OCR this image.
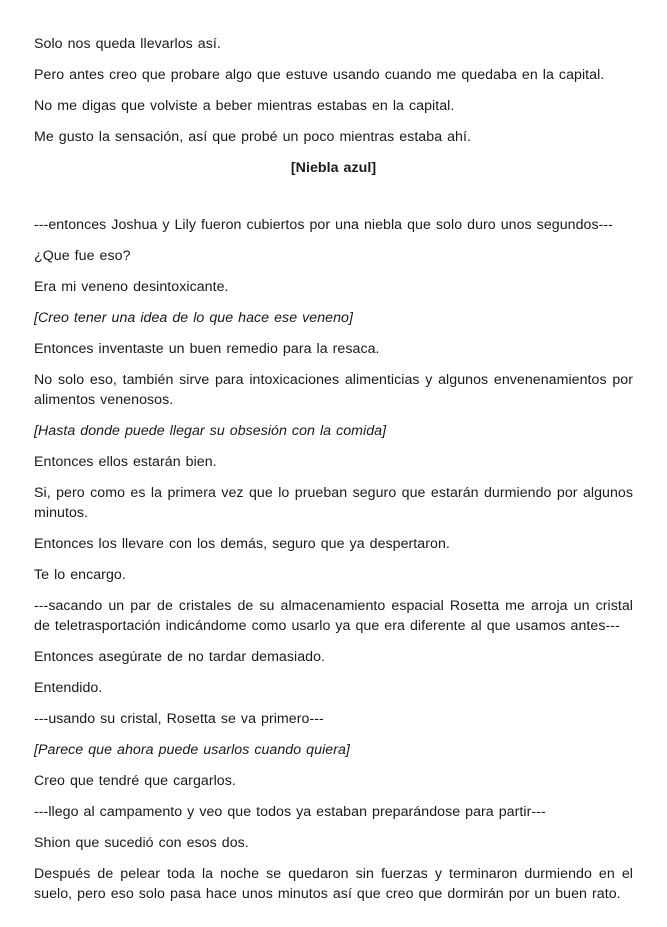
Solo nos queda llevarlos así.

Pero antes creo que probare algo que estuve usando cuando me quedaba en la capital.

No me digas que volviste a beber mientras estabas en la capital.

Me gusto la sensación, así que probé un poco mientras estaba ahí.

[Niebla azul]

---entonces Joshua y Lily fueron cubiertos por una niebla que solo duro unos segundos---

¿Que fue eso?

Era mi veneno desintoxicante.

[Creo tener una idea de lo que hace ese veneno]

Entonces inventaste un buen remedio para la resaca.

No solo eso, también sirve para intoxicaciones alimenticias y algunos envenenamientos por alimentos venenosos.

[Hasta donde puede llegar su obsesión con la comida]

Entonces ellos estarán bien.

Si, pero como es la primera vez que lo prueban seguro que estarán durmiendo por algunos minutos.

Entonces los llevare con los demás, seguro que ya despertaron.

Te lo encargo.

---sacando un par de cristales de su almacenamiento espacial Rosetta me arroja un cristal de teletrasportación indicándome como usarlo ya que era diferente al que usamos antes---

Entonces asegúrate de no tardar demasiado.

Entendido.

---usando su cristal, Rosetta se va primero---

[Parece que ahora puede usarlos cuando quiera]

Creo que tendré que cargarlos.

---llego al campamento y veo que todos ya estaban preparándose para partir---

Shion que sucedió con esos dos.

Después de pelear toda la noche se quedaron sin fuerzas y terminaron durmiendo en el suelo, pero eso solo pasa hace unos minutos así que creo que dormirán por un buen rato.
